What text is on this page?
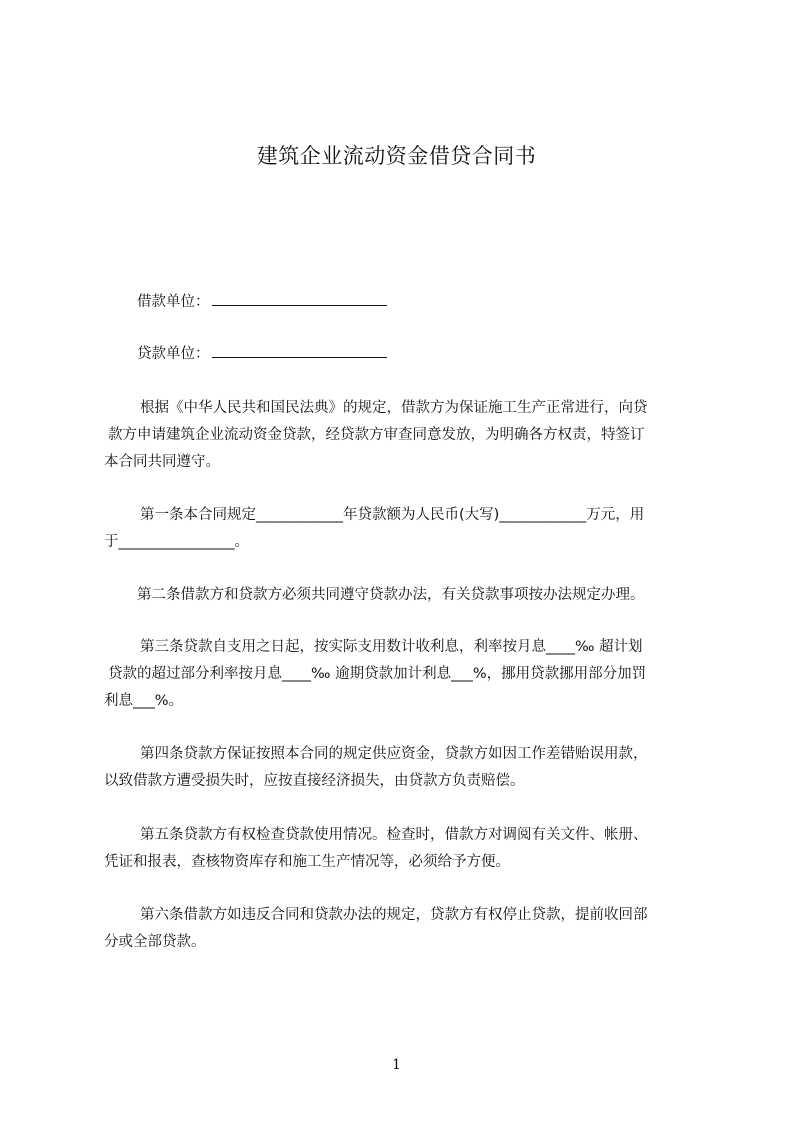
建筑企业流动资金借贷合同书
借款单位：
贷款单位：
根据《中华人民共和国民法典》的规定，借款方为保证施工生产正常进行，向贷
款方申请建筑企业流动资金贷款，经贷款方审查同意发放，为明确各方权责，特签订
本合同共同遵守。
第一条本合同规定____________年贷款额为人民币(大写)____________万元，用
于________________。
第二条借款方和贷款方必须共同遵守贷款办法，有关贷款事项按办法规定办理。
第三条贷款自支用之日起，按实际支用数计收利息，利率按月息____‰ 超计划
贷款的超过部分利率按月息____‰ 逾期贷款加计利息___%，挪用贷款挪用部分加罚
利息___%。
第四条贷款方保证按照本合同的规定供应资金，贷款方如因工作差错贻误用款，
以致借款方遭受损失时，应按直接经济损失，由贷款方负责赔偿。
第五条贷款方有权检查贷款使用情况。检查时，借款方对调阅有关文件、帐册、
凭证和报表，查核物资库存和施工生产情况等，必须给予方便。
第六条借款方如违反合同和贷款办法的规定，贷款方有权停止贷款，提前收回部
分或全部贷款。
1
